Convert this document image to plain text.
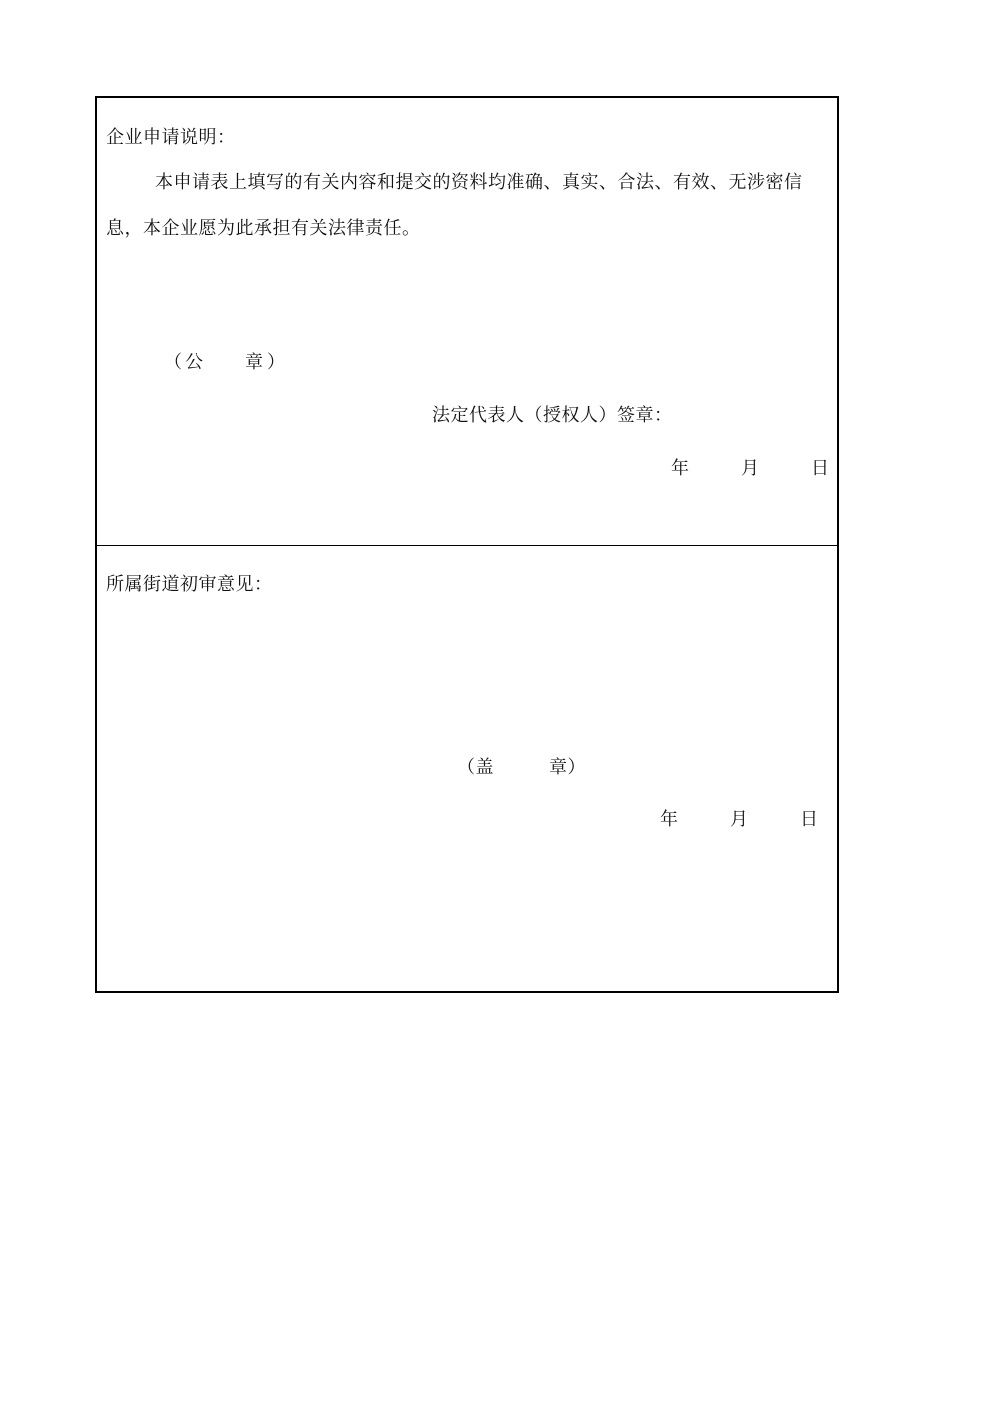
企业申请说明：
本申请表上填写的有关内容和提交的资料均准确、真实、合法、有效、无涉密信
息，本企业愿为此承担有关法律责任。
（ 公 章 ）
法定代表人（授权人）签章：
年	月	日
所属街道初审意见：
（盖	章）
年	月	日
